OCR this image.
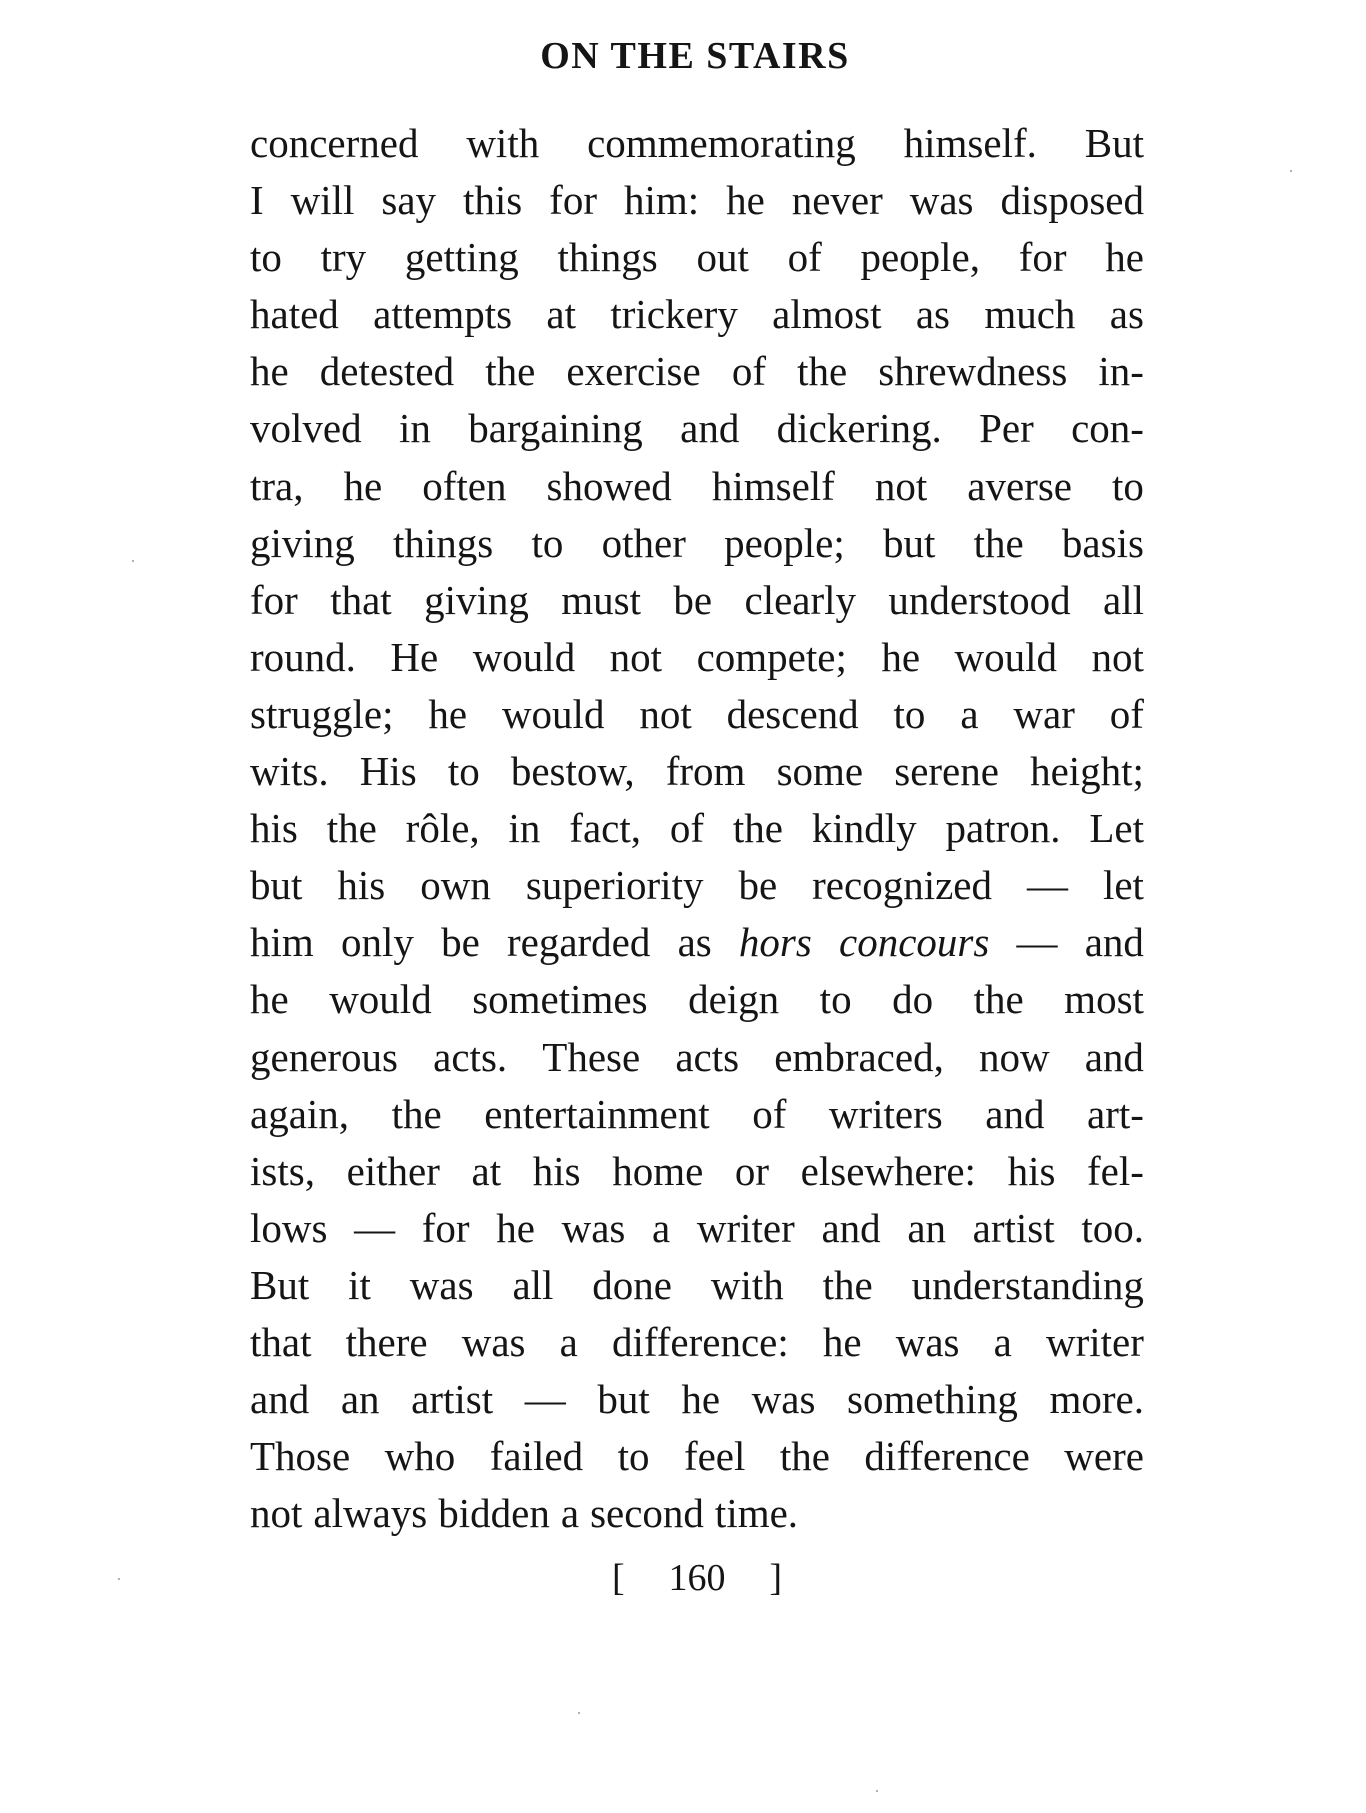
ON THE STAIRS
concerned with commemorating himself. But
I will say this for him: he never was disposed
to try getting things out of people, for he
hated attempts at trickery almost as much as
he detested the exercise of the shrewdness in-
volved in bargaining and dickering. Per con-
tra, he often showed himself not averse to
giving things to other people; but the basis
for that giving must be clearly understood all
round. He would not compete; he would not
struggle; he would not descend to a war of
wits. His to bestow, from some serene height;
his the rôle, in fact, of the kindly patron. Let
but his own superiority be recognized — let
him only be regarded as hors concours — and
he would sometimes deign to do the most
generous acts. These acts embraced, now and
again, the entertainment of writers and art-
ists, either at his home or elsewhere: his fel-
lows — for he was a writer and an artist too.
But it was all done with the understanding
that there was a difference: he was a writer
and an artist — but he was something more.
Those who failed to feel the difference were
not always bidden a second time.
[ 160 ]
